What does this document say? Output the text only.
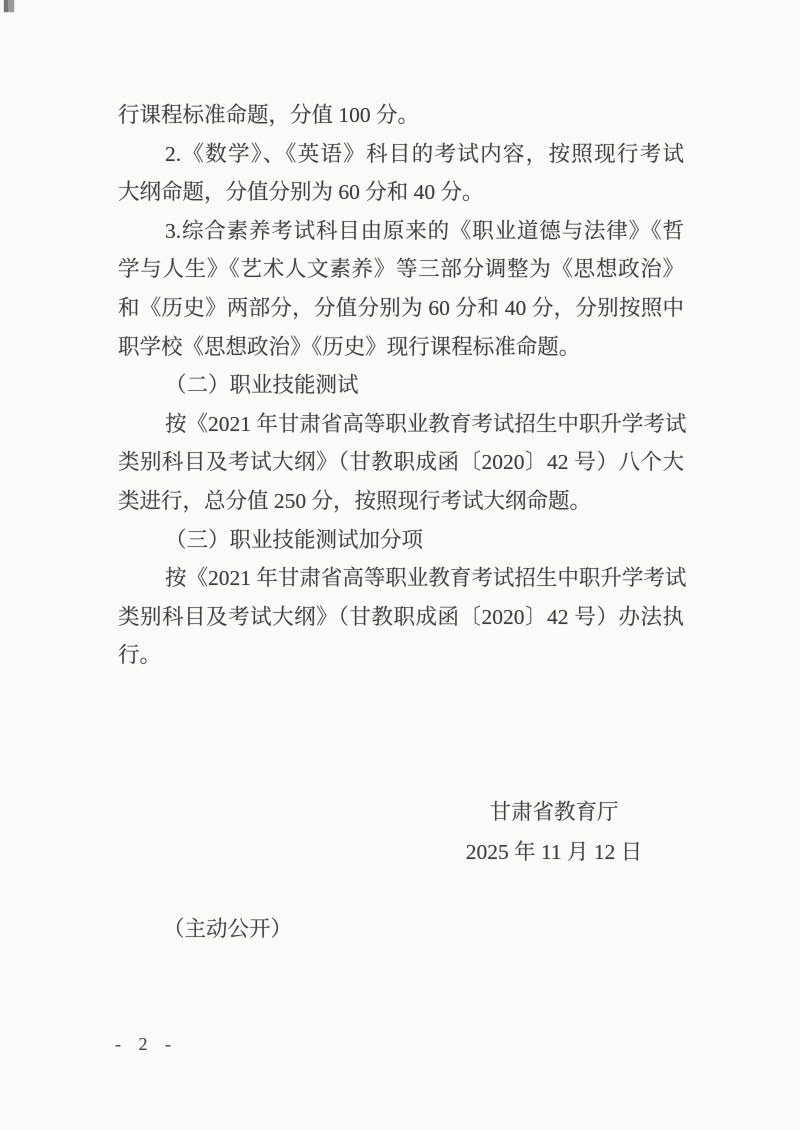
行课程标准命题，分值 100 分。
2.《数学》、《英语》科目的考试内容，按照现行考试
大纲命题，分值分别为 60 分和 40 分。
3.综合素养考试科目由原来的《职业道德与法律》《哲
学与人生》《艺术人文素养》等三部分调整为《思想政治》
和《历史》两部分，分值分别为 60 分和 40 分，分别按照中
职学校《思想政治》《历史》现行课程标准命题。
（二）职业技能测试
按《2021 年甘肃省高等职业教育考试招生中职升学考试
类别科目及考试大纲》（甘教职成函〔2020〕42 号）八个大
类进行，总分值 250 分，按照现行考试大纲命题。
（三）职业技能测试加分项
按《2021 年甘肃省高等职业教育考试招生中职升学考试
类别科目及考试大纲》（甘教职成函〔2020〕42 号）办法执
行。
甘肃省教育厅
2025 年 11 月 12 日
（主动公开）
- 2 -
